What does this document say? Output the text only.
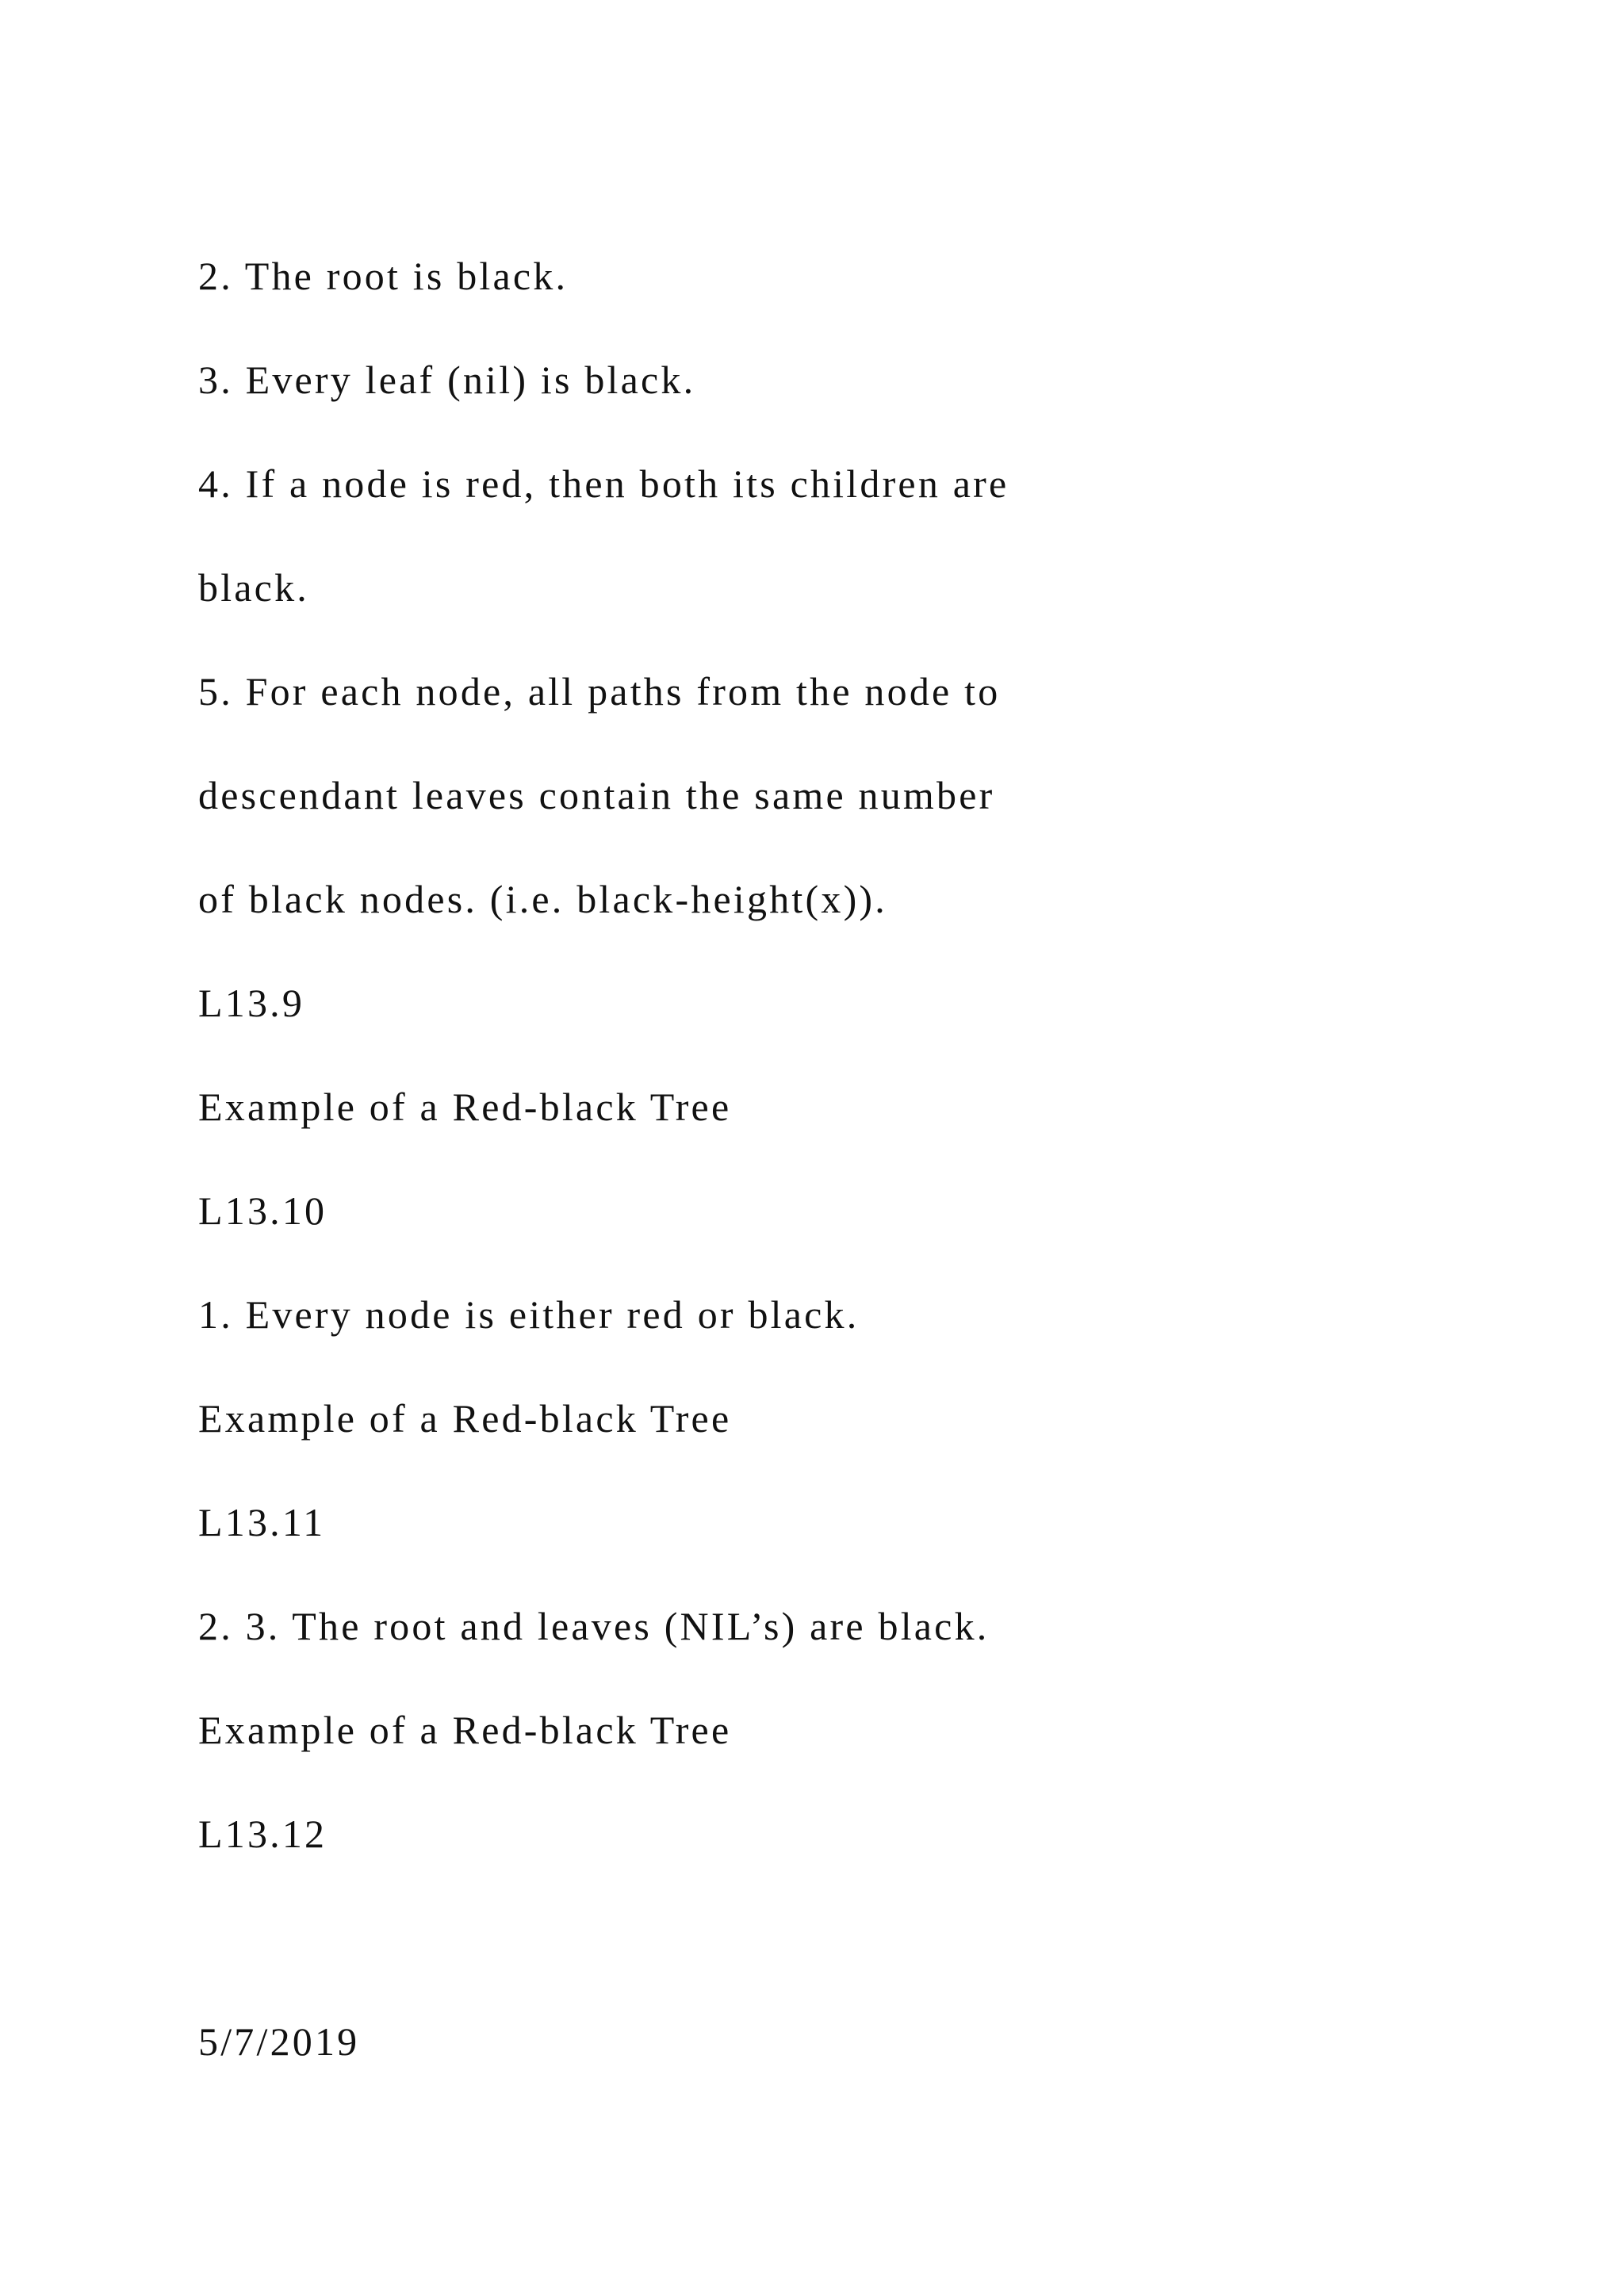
2. The root is black.

3. Every leaf (nil) is black.

4. If a node is red, then both its children are

black.

5. For each node, all paths from the node to

descendant leaves contain the same number

of black nodes. (i.e. black-height(x)).

L13.9

Example of a Red-black Tree

L13.10

1. Every node is either red or black.

Example of a Red-black Tree

L13.11

2. 3. The root and leaves (NIL’s) are black.

Example of a Red-black Tree

L13.12

5/7/2019
